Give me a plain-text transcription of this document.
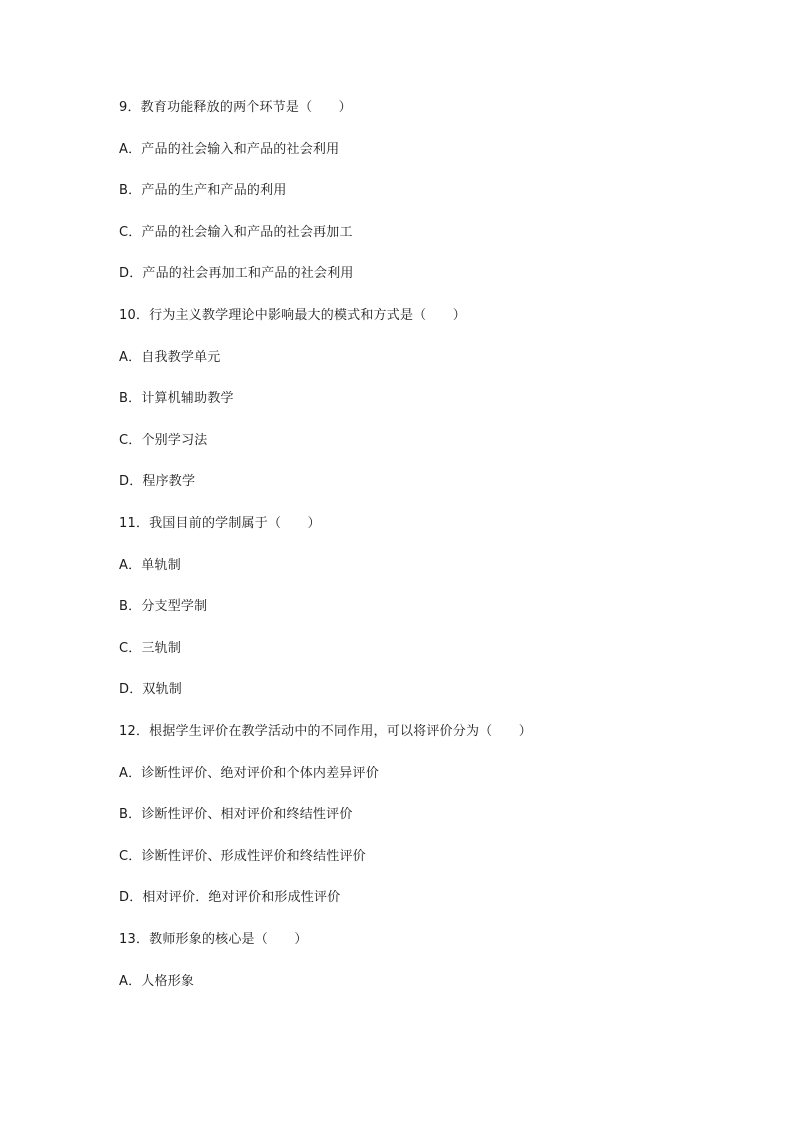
9．教育功能释放的两个环节是（　　）
A．产品的社会输入和产品的社会利用
B．产品的生产和产品的利用
C．产品的社会输入和产品的社会再加工
D．产品的社会再加工和产品的社会利用
10．行为主义教学理论中影响最大的模式和方式是（　　）
A．自我教学单元
B．计算机辅助教学
C．个别学习法
D．程序教学
11．我国目前的学制属于（　　）
A．单轨制
B．分支型学制
C．三轨制
D．双轨制
12．根据学生评价在教学活动中的不同作用，可以将评价分为（　　）
A．诊断性评价、绝对评价和个体内差异评价
B．诊断性评价、相对评价和终结性评价
C．诊断性评价、形成性评价和终结性评价
D．相对评价．绝对评价和形成性评价
13．教师形象的核心是（　　）
A．人格形象
